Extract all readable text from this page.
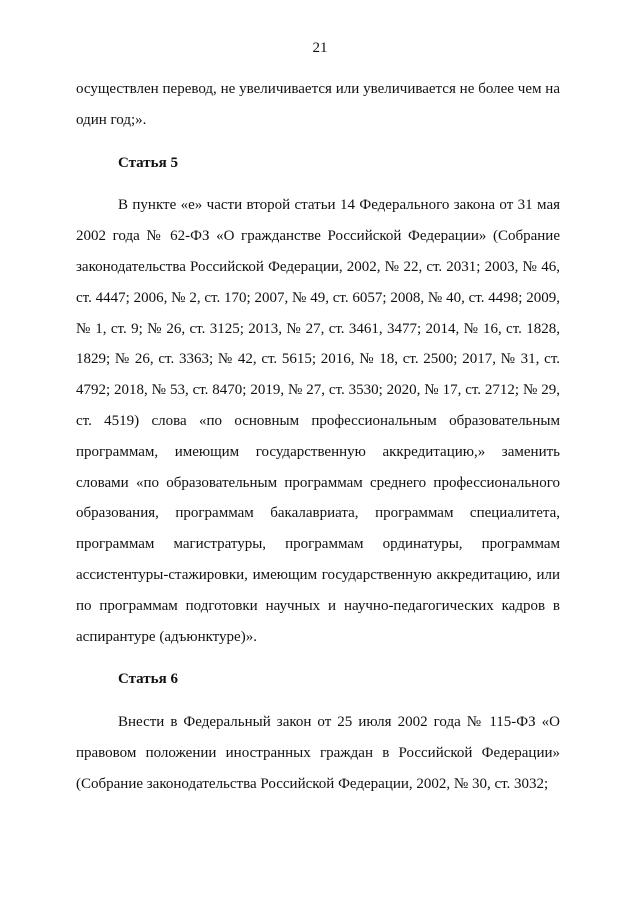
21

осуществлен перевод, не увеличивается или увеличивается не более чем на один год;».

Статья 5

В пункте «е» части второй статьи 14 Федерального закона от 31 мая 2002 года № 62-ФЗ «О гражданстве Российской Федерации» (Собрание законодательства Российской Федерации, 2002, № 22, ст. 2031; 2003, № 46, ст. 4447; 2006, № 2, ст. 170; 2007, № 49, ст. 6057; 2008, № 40, ст. 4498; 2009, № 1, ст. 9; № 26, ст. 3125; 2013, № 27, ст. 3461, 3477; 2014, № 16, ст. 1828, 1829; № 26, ст. 3363; № 42, ст. 5615; 2016, № 18, ст. 2500; 2017, № 31, ст. 4792; 2018, № 53, ст. 8470; 2019, № 27, ст. 3530; 2020, № 17, ст. 2712; № 29, ст. 4519) слова «по основным профессиональным образовательным программам, имеющим государственную аккредитацию,» заменить словами «по образовательным программам среднего профессионального образования, программам бакалавриата, программам специалитета, программам магистратуры, программам ординатуры, программам ассистентуры-стажировки, имеющим государственную аккредитацию, или по программам подготовки научных и научно-педагогических кадров в аспирантуре (адъюнктуре)».

Статья 6

Внести в Федеральный закон от 25 июля 2002 года № 115-ФЗ «О правовом положении иностранных граждан в Российской Федерации» (Собрание законодательства Российской Федерации, 2002, № 30, ст. 3032;
